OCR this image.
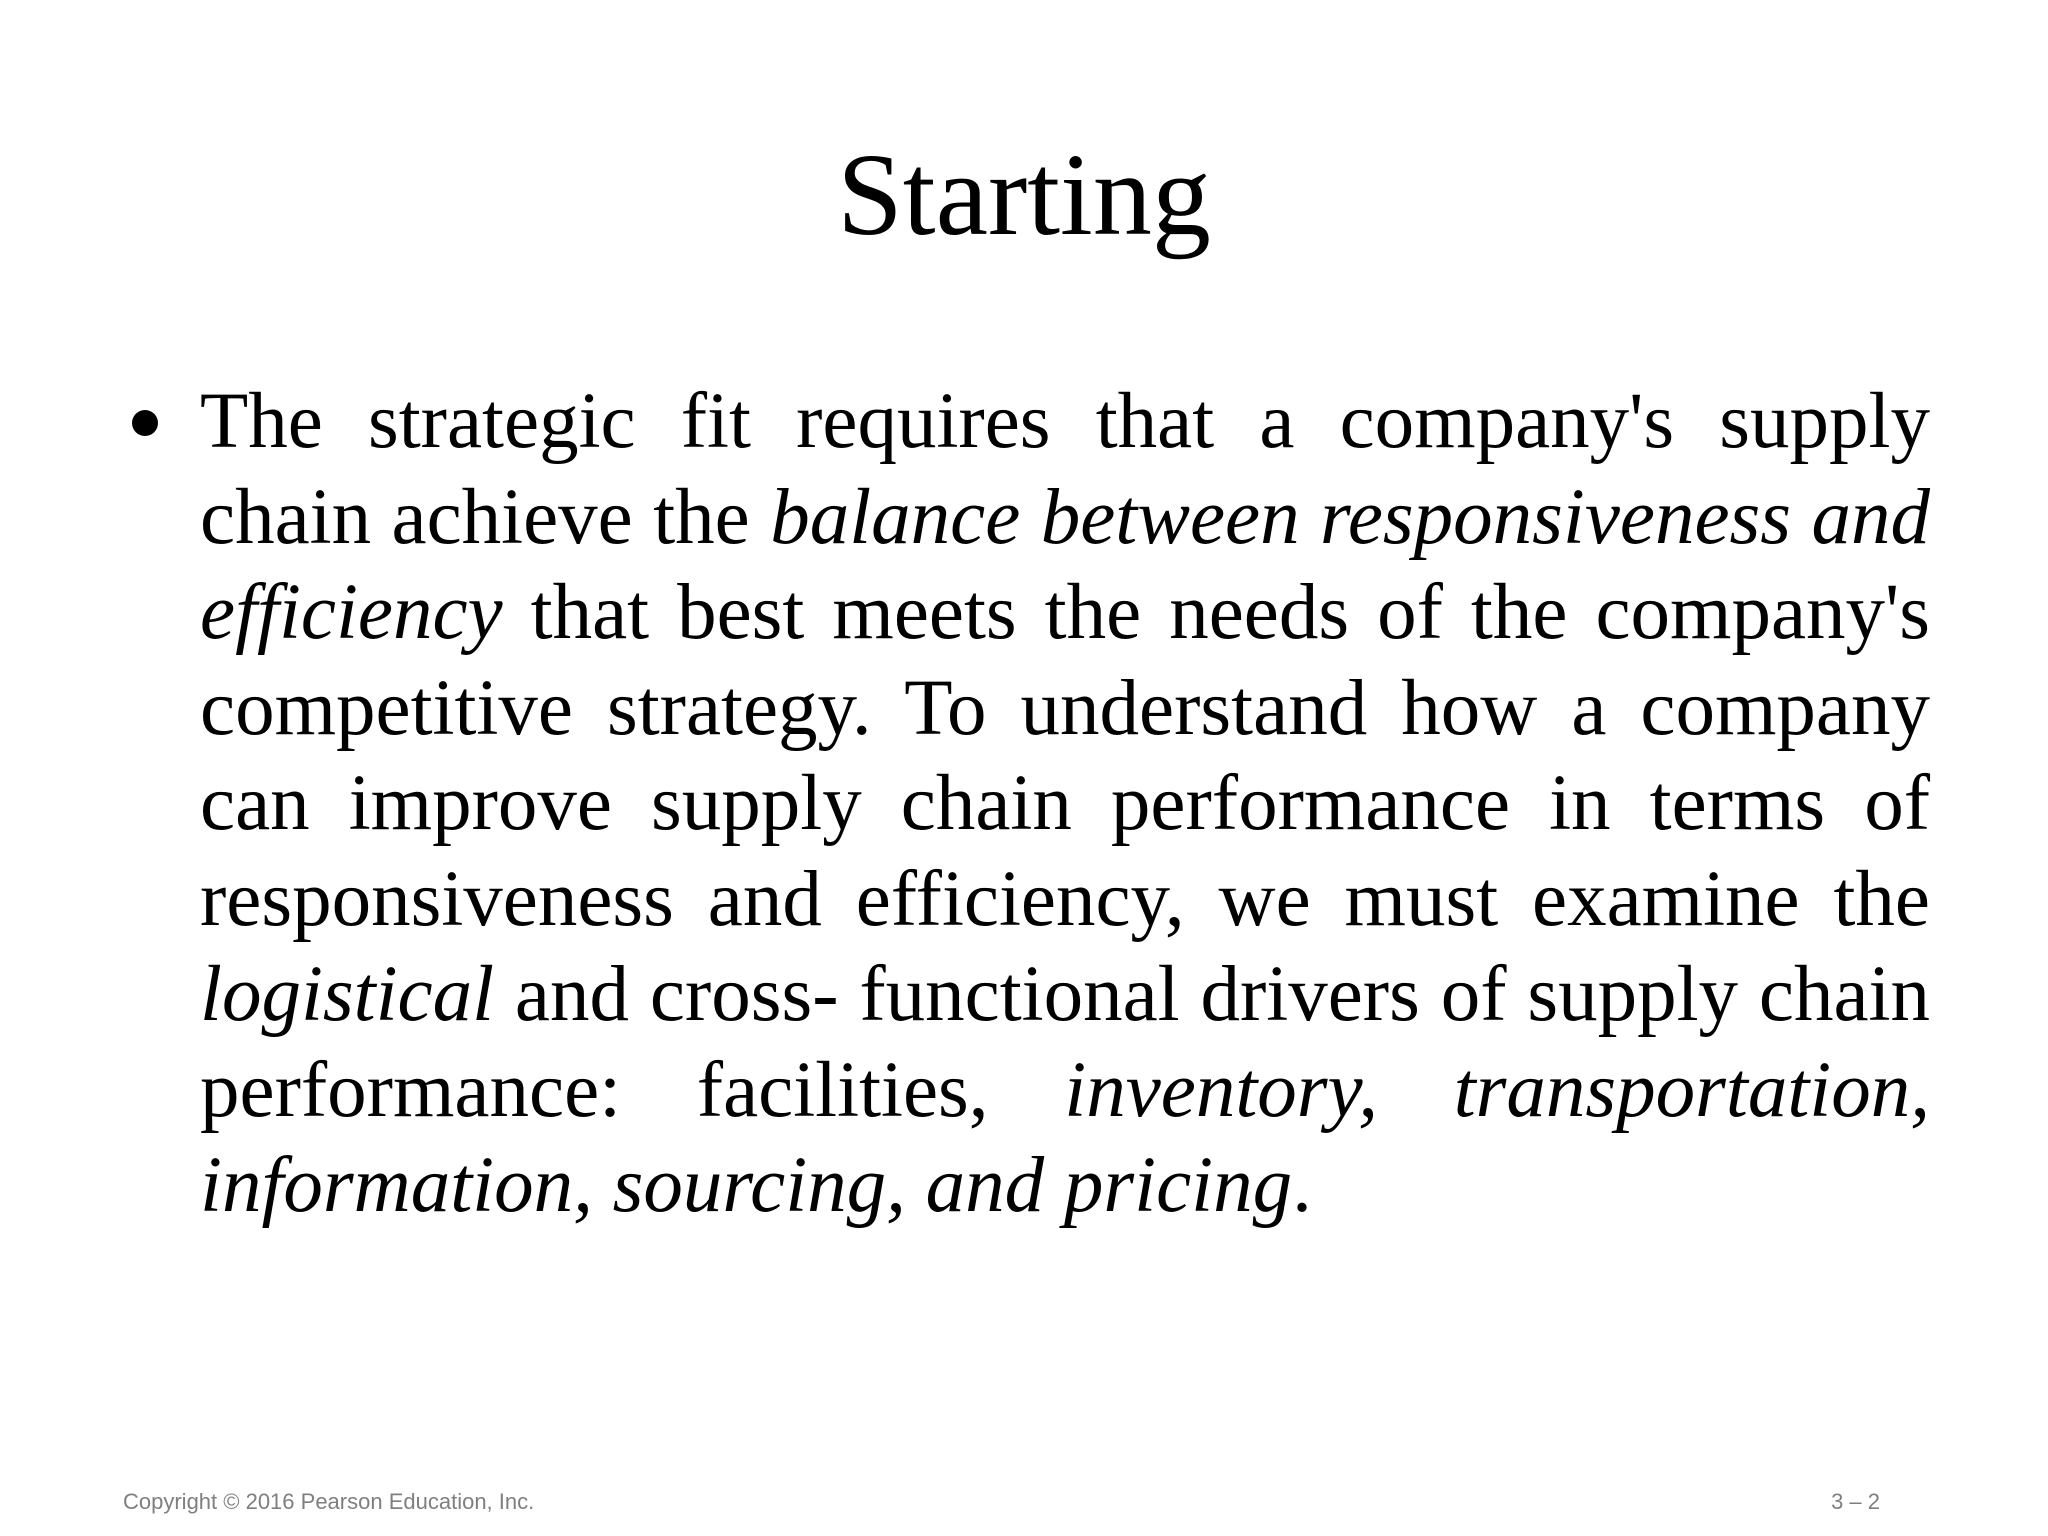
Starting
The strategic fit requires that a company's supply chain achieve the balance between responsiveness and efficiency that best meets the needs of the company's competitive strategy. To understand how a company can improve supply chain performance in terms of responsiveness and efficiency, we must examine the logistical and cross- functional drivers of supply chain performance: facilities, inventory, transportation, information, sourcing, and pricing.
Copyright © 2016 Pearson Education, Inc.	3 – 2
